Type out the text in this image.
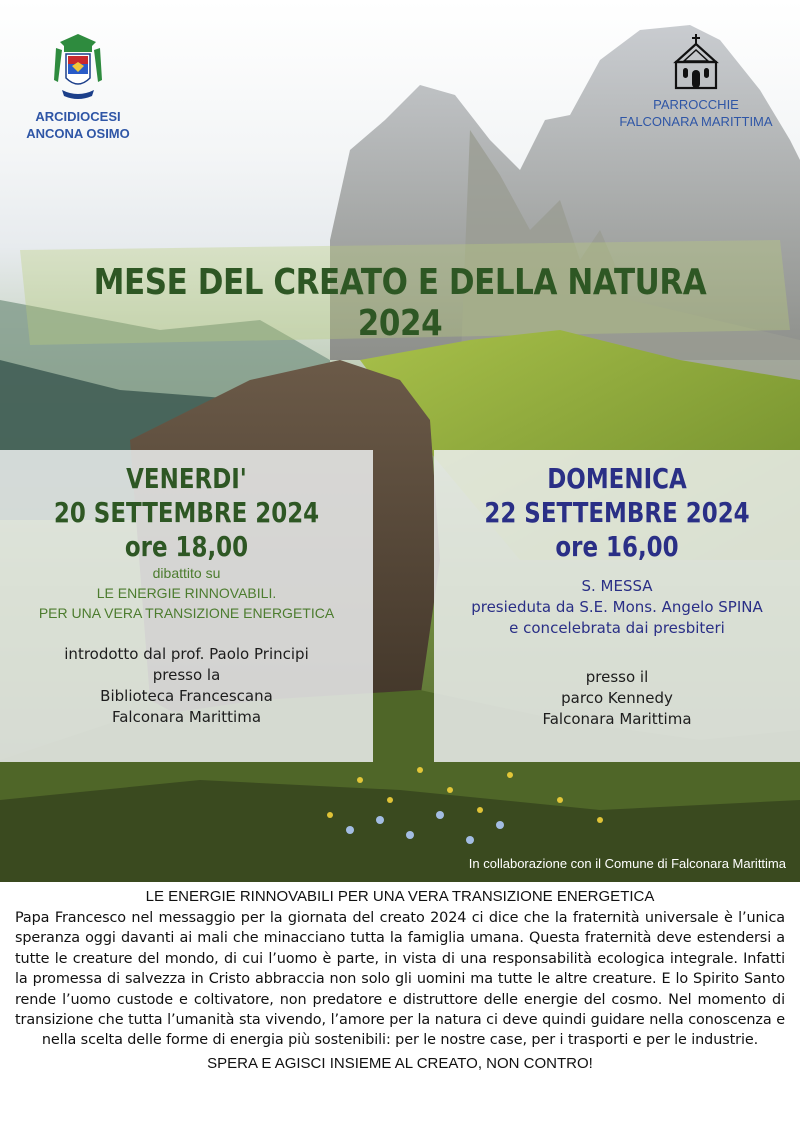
ARCIDIOCESI
ANCONA OSIMO
PARROCCHIE
FALCONARA MARITTIMA
MESE DEL CREATO E DELLA NATURA 2024
VENERDI'
20 SETTEMBRE 2024
ore 18,00
dibattito su
LE ENERGIE RINNOVABILI.
PER UNA VERA TRANSIZIONE ENERGETICA
introdotto dal prof. Paolo Principi
presso la
Biblioteca Francescana
Falconara Marittima
DOMENICA
22 SETTEMBRE 2024
ore 16,00
S. MESSA
presieduta da S.E. Mons. Angelo SPINA
e concelebrata dai presbiteri
presso il
parco Kennedy
Falconara Marittima
In collaborazione con il Comune di Falconara Marittima
LE ENERGIE RINNOVABILI PER UNA VERA TRANSIZIONE ENERGETICA
Papa Francesco nel messaggio per la giornata del creato 2024 ci dice che la fraternità universale è l’unica speranza oggi davanti ai mali che minacciano tutta la famiglia umana. Questa fraternità deve estendersi a tutte le creature del mondo, di cui l’uomo è parte, in vista di una responsabilità ecologica integrale. Infatti la promessa di salvezza in Cristo abbraccia non solo gli uomini ma tutte le altre creature. E lo Spirito Santo rende l’uomo custode e coltivatore, non predatore e distruttore delle energie del cosmo. Nel momento di transizione che tutta l’umanità sta vivendo, l’amore per la natura ci deve quindi guidare nella conoscenza e nella scelta delle forme di energia più sostenibili: per le nostre case, per i trasporti e per le industrie.
SPERA E AGISCI INSIEME AL CREATO, NON CONTRO!
